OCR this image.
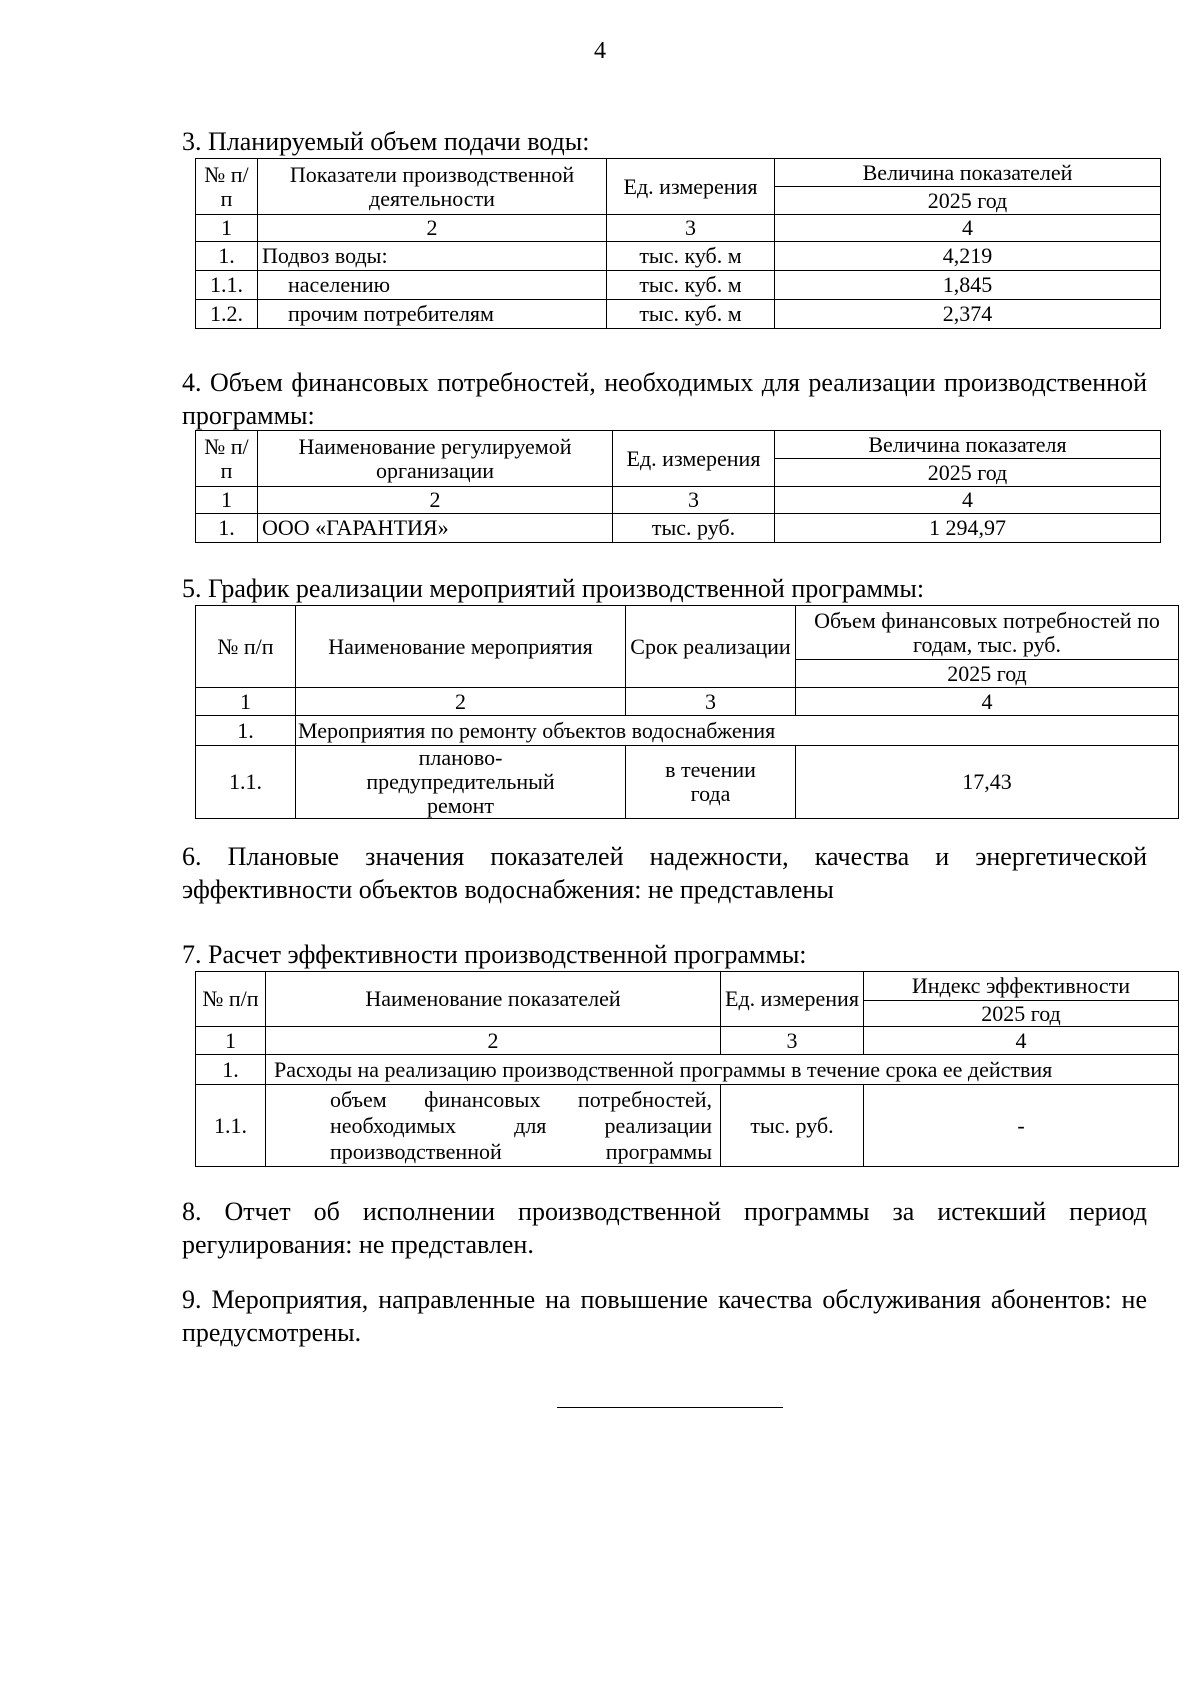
4
3. Планируемый объем подачи воды:
№ п/п	Показатели производственной деятельности	Ед. измерения	Величина показателей
			2025 год
1	2	3	4
1.	Подвоз воды:	тыс. куб. м	4,219
1.1.	населению	тыс. куб. м	1,845
1.2.	прочим потребителям	тыс. куб. м	2,374
4. Объем финансовых потребностей, необходимых для реализации производственной программы:
№ п/п	Наименование регулируемой организации	Ед. измерения	Величина показателя
			2025 год
1	2	3	4
1.	ООО «ГАРАНТИЯ»	тыс. руб.	1 294,97
5. График реализации мероприятий производственной программы:
№ п/п	Наименование мероприятия	Срок реализации	Объем финансовых потребностей по годам, тыс. руб.
			2025 год
1	2	3	4
1.	Мероприятия по ремонту объектов водоснабжения		
1.1.	планово-предупредительный ремонт	в течении года	17,43
6. Плановые значения показателей надежности, качества и энергетической эффективности объектов водоснабжения: не представлены
7. Расчет эффективности производственной программы:
№ п/п	Наименование показателей	Ед. измерения	Индекс эффективности
			2025 год
1	2	3	4
1.	Расходы на реализацию производственной программы в течение срока ее действия		
1.1.	объем финансовых потребностей, необходимых для реализации производственной программы	тыс. руб.	-
8. Отчет об исполнении производственной программы за истекший период регулирования: не представлен.
9. Мероприятия, направленные на повышение качества обслуживания абонентов: не предусмотрены.
